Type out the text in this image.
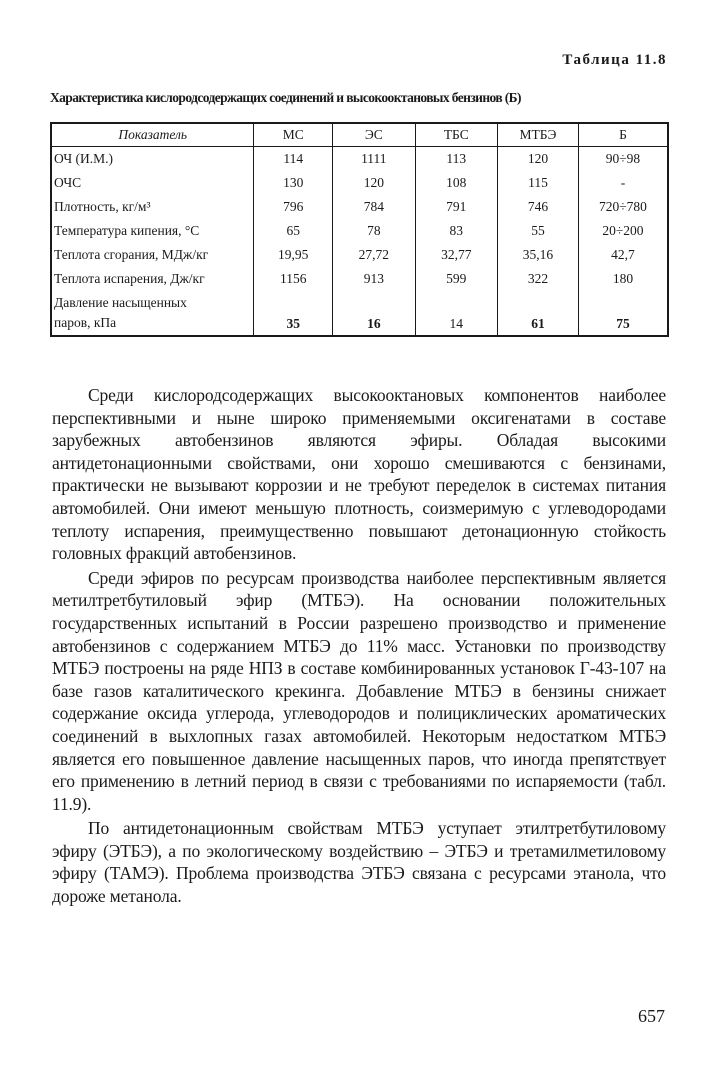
Таблица 11.8
Характеристика кислородсодержащих соединений и высокооктановых бензинов (Б)
Показатель	МС	ЭС	ТБС	МТБЭ	Б
ОЧ (И.М.)	114	1111	113	120	90÷98
ОЧС	130	120	108	115	-
Плотность, кг/м³	796	784	791	746	720÷780
Температура кипения, °С	65	78	83	55	20÷200
Теплота сгорания, МДж/кг	19,95	27,72	32,77	35,16	42,7
Теплота испарения, Дж/кг	1156	913	599	322	180
Давление насыщенных
паров, кПа	35	16	14	61	75

Среди кислородсодержащих высокооктановых компонентов наиболее перспективными и ныне широко применяемыми оксигенатами в составе зарубежных автобензинов являются эфиры. Обладая высокими антидетонационными свойствами, они хорошо смешиваются с бензинами, практически не вызывают коррозии и не требуют переделок в системах питания автомобилей. Они имеют меньшую плотность, соизмеримую с углеводородами теплоту испарения, преимущественно повышают детонационную стойкость головных фракций автобензинов.

Среди эфиров по ресурсам производства наиболее перспективным является метилтретбутиловый эфир (МТБЭ). На основании положительных государственных испытаний в России разрешено производство и применение автобензинов с содержанием МТБЭ до 11% масс. Установки по производству МТБЭ построены на ряде НПЗ в составе комбинированных установок Г-43-107 на базе газов каталитического крекинга. Добавление МТБЭ в бензины снижает содержание оксида углерода, углеводородов и полициклических ароматических соединений в выхлопных газах автомобилей. Некоторым недостатком МТБЭ является его повышенное давление насыщенных паров, что иногда препятствует его применению в летний период в связи с требованиями по испаряемости (табл. 11.9).

По антидетонационным свойствам МТБЭ уступает этилтретбутиловому эфиру (ЭТБЭ), а по экологическому воздействию – ЭТБЭ и третамилметиловому эфиру (ТАМЭ). Проблема производства ЭТБЭ связана с ресурсами этанола, что дороже метанола.

657
